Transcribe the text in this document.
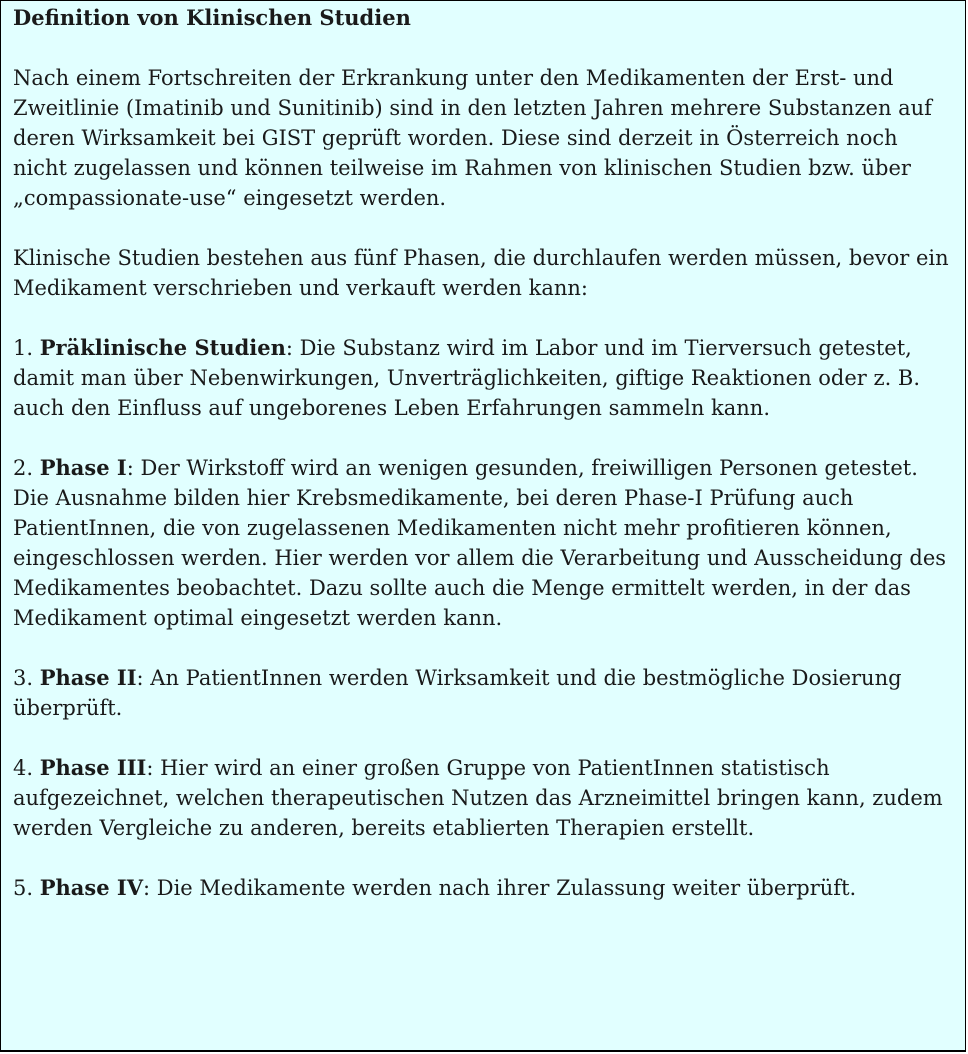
Definition von Klinischen Studien

Nach einem Fortschreiten der Erkrankung unter den Medikamenten der Erst- und Zweitlinie (Imatinib und Sunitinib) sind in den letzten Jahren mehrere Substanzen auf deren Wirksamkeit bei GIST geprüft worden. Diese sind derzeit in Österreich noch nicht zugelassen und können teilweise im Rahmen von klinischen Studien bzw. über „compassionate-use“ eingesetzt werden.

Klinische Studien bestehen aus fünf Phasen, die durchlaufen werden müssen, bevor ein Medikament verschrieben und verkauft werden kann:

1. Präklinische Studien: Die Substanz wird im Labor und im Tierversuch getestet, damit man über Nebenwirkungen, Unverträglichkeiten, giftige Reaktionen oder z. B. auch den Einfluss auf ungeborenes Leben Erfahrungen sammeln kann.

2. Phase I: Der Wirkstoff wird an wenigen gesunden, freiwilligen Personen getestet. Die Ausnahme bilden hier Krebsmedikamente, bei deren Phase-I Prüfung auch PatientInnen, die von zugelassenen Medikamenten nicht mehr profitieren können, eingeschlossen werden. Hier werden vor allem die Verarbeitung und Ausscheidung des Medikamentes beobachtet. Dazu sollte auch die Menge ermittelt werden, in der das Medikament optimal eingesetzt werden kann.

3. Phase II: An PatientInnen werden Wirksamkeit und die bestmögliche Dosierung überprüft.

4. Phase III: Hier wird an einer großen Gruppe von PatientInnen statistisch aufgezeichnet, welchen therapeutischen Nutzen das Arzneimittel bringen kann, zudem werden Vergleiche zu anderen, bereits etablierten Therapien erstellt.

5. Phase IV: Die Medikamente werden nach ihrer Zulassung weiter überprüft.
